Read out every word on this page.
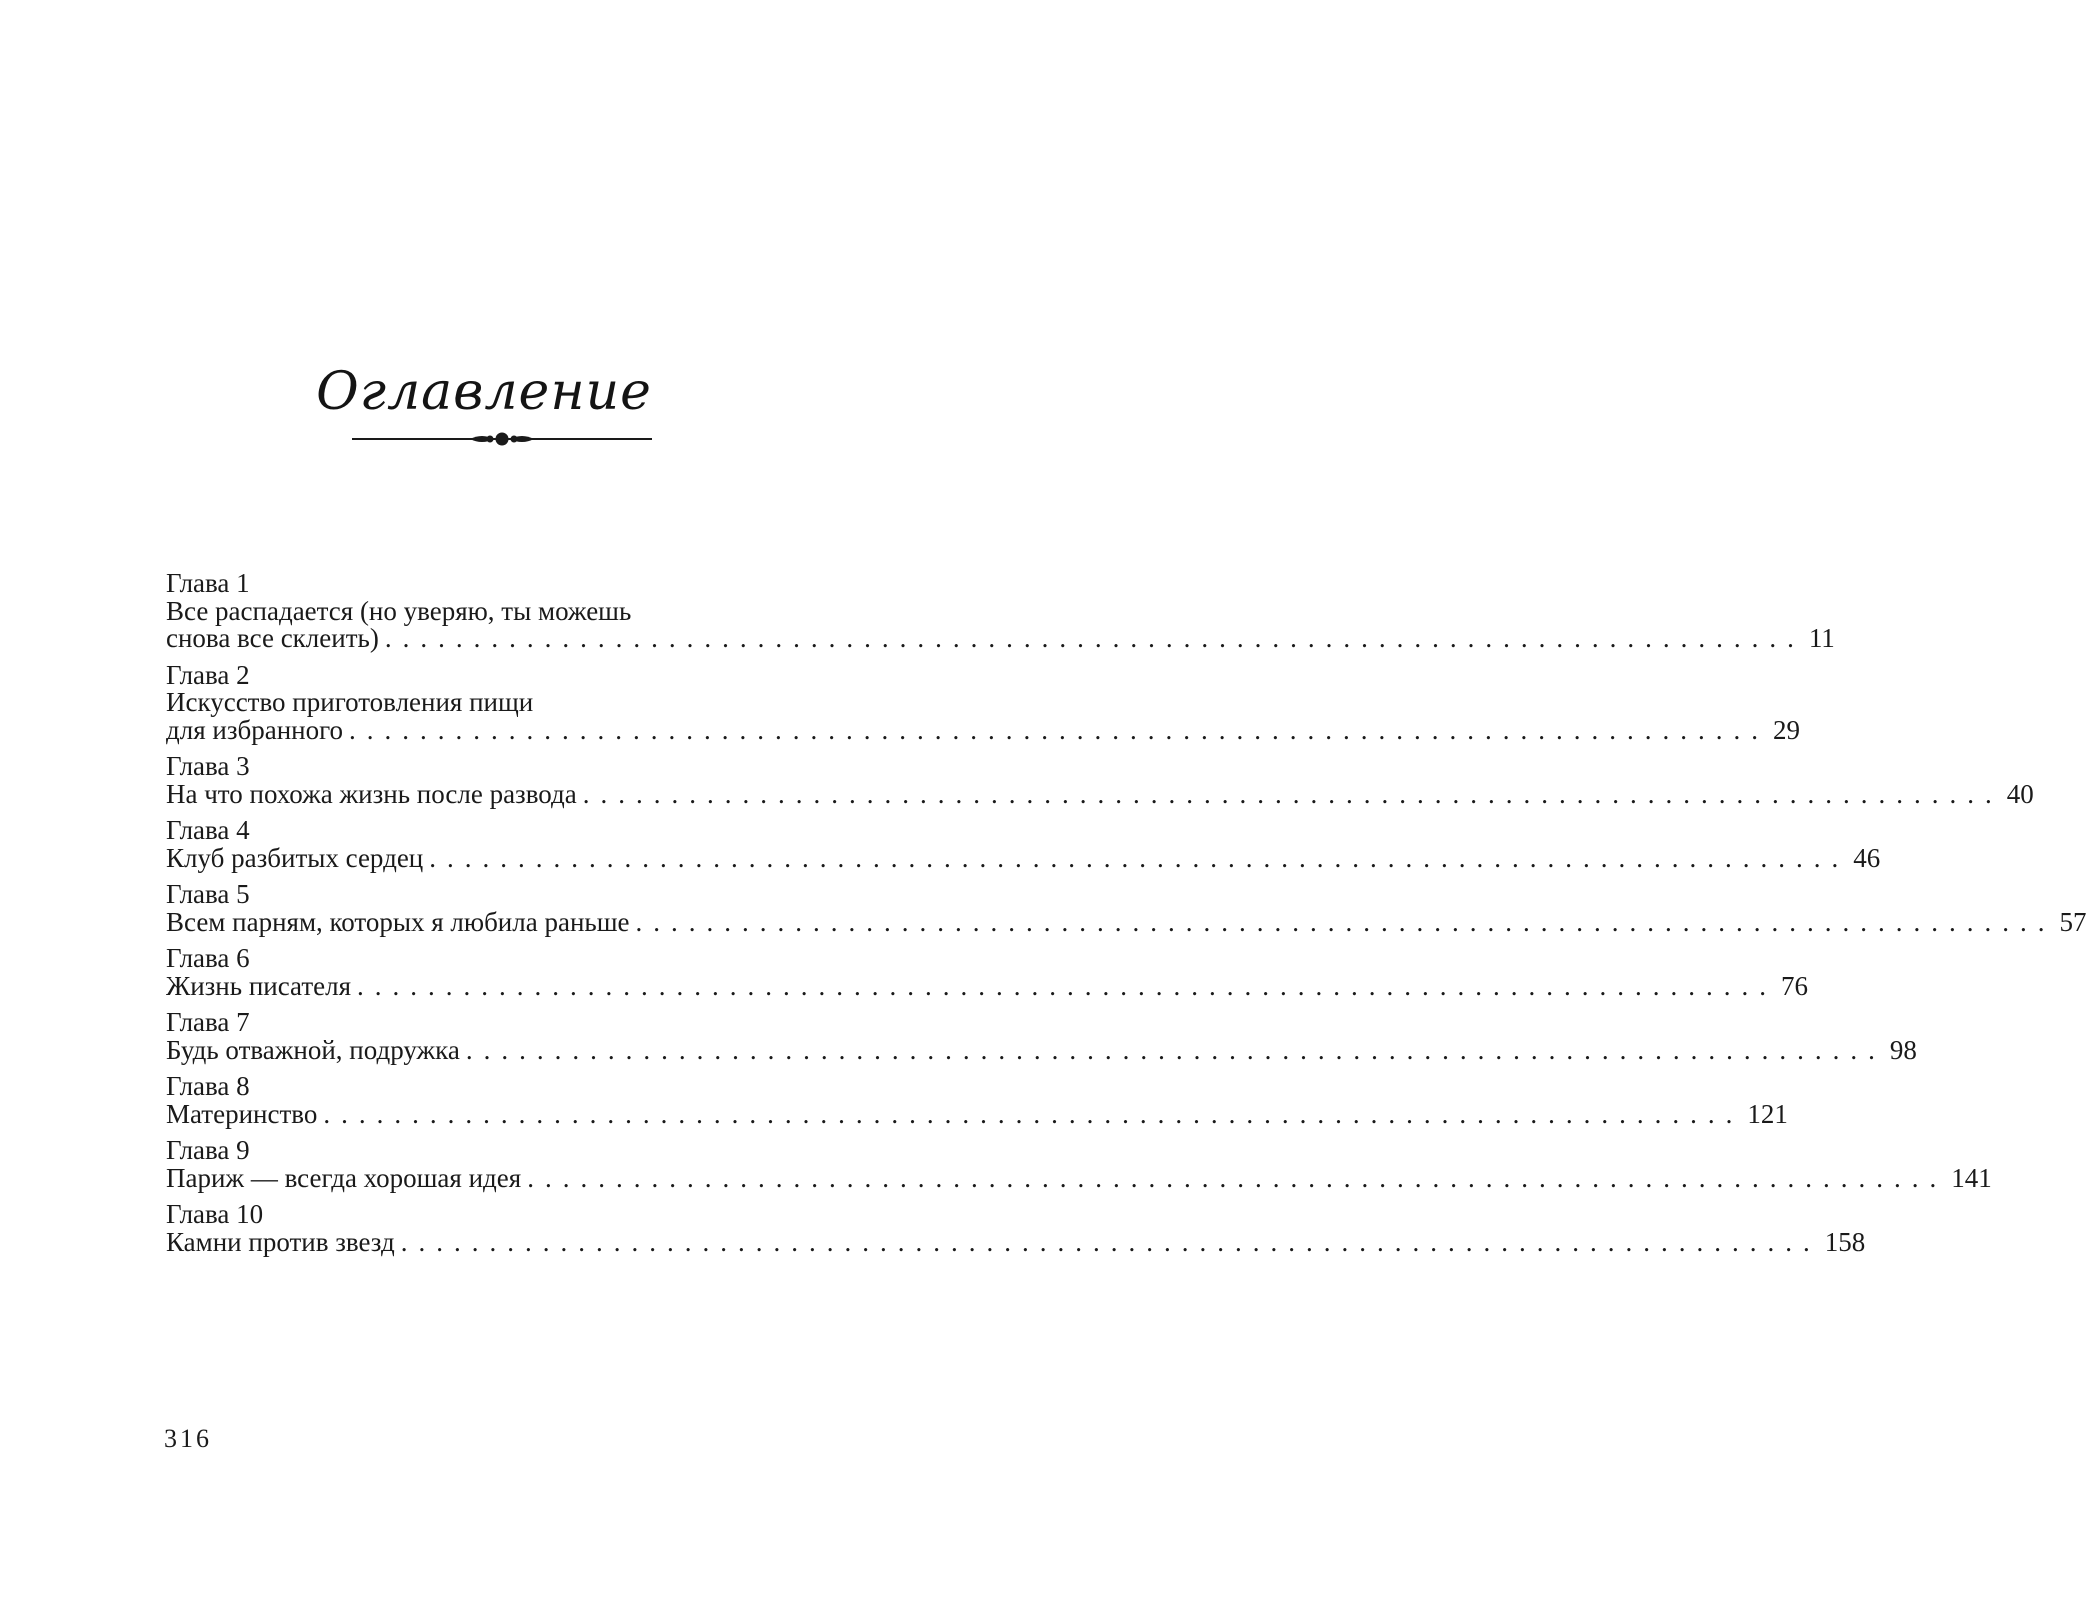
Оглавление
Глава 1
Все распадается (но уверяю, ты можешь
снова все склеить) ................................................................................ 11
Глава 2
Искусство приготовления пищи
для избранного ................................................................................ 29
Глава 3
На что похожа жизнь после развода ................................................................................ 40
Глава 4
Клуб разбитых сердец ................................................................................ 46
Глава 5
Всем парням, которых я любила раньше ................................................................................ 57
Глава 6
Жизнь писателя ................................................................................ 76
Глава 7
Будь отважной, подружка ................................................................................ 98
Глава 8
Материнство ................................................................................ 121
Глава 9
Париж — всегда хорошая идея ................................................................................ 141
Глава 10
Камни против звезд ................................................................................ 158
316
